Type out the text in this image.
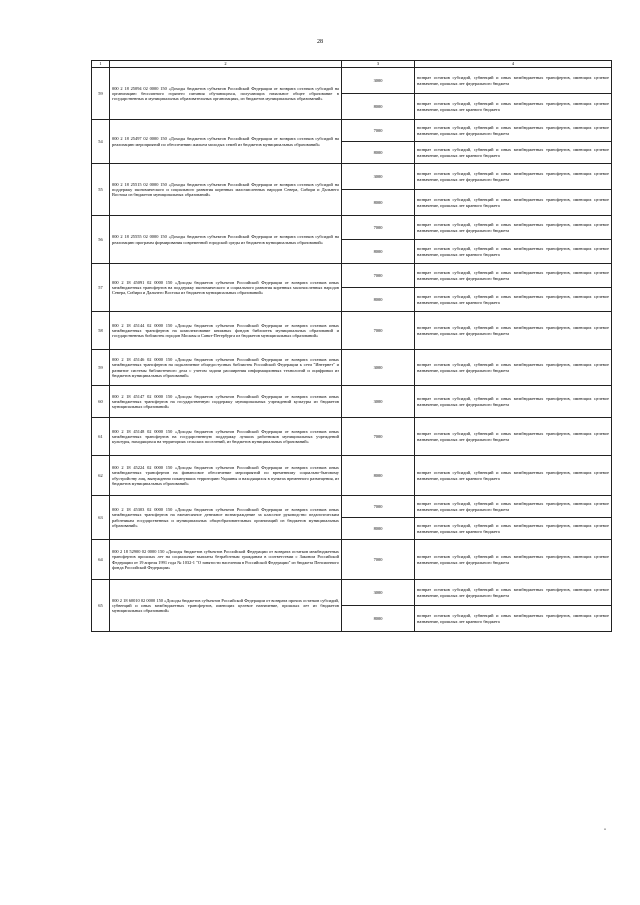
28
1	2	3	4
59	000 2 18 25094 02 0000 150 «Доходы бюджетов субъектов Российской Федерации от возврата остатков субсидий на организацию бесплатного горячего питания обучающихся, получающих начальное общее образование в государственных и муниципальных образовательных организациях, из бюджетов муниципальных образований»	3000	возврат остатков субсидий, субвенций и иных межбюджетных трансфертов, имеющих целевое назначение, прошлых лет федерального бюджета
		8000	возврат остатков субсидий, субвенций и иных межбюджетных трансфертов, имеющих целевое назначение, прошлых лет краевого бюджета
54	000 2 18 25497 02 0000 150 «Доходы бюджетов субъектов Российской Федерации от возврата остатков субсидий на реализацию мероприятий по обеспечению жильем молодых семей из бюджетов муниципальных образований»	7000	возврат остатков субсидий, субвенций и иных межбюджетных трансфертов, имеющих целевое назначение, прошлых лет федерального бюджета
		8000	возврат остатков субсидий, субвенций и иных межбюджетных трансфертов, имеющих целевое назначение, прошлых лет краевого бюджета
55	000 2 18 25515 02 0000 150 «Доходы бюджетов субъектов Российской Федерации от возврата остатков субсидий на поддержку экономического и социального развития коренных малочисленных народов Севера, Сибири и Дальнего Востока из бюджетов муниципальных образований»	3000	возврат остатков субсидий, субвенций и иных межбюджетных трансфертов, имеющих целевое назначение, прошлых лет федерального бюджета
		8000	возврат остатков субсидий, субвенций и иных межбюджетных трансфертов, имеющих целевое назначение, прошлых лет краевого бюджета
56	000 2 18 25555 02 0000 150 «Доходы бюджетов субъектов Российской Федерации от возврата остатков субсидий на реализацию программ формирования современной городской среды из бюджетов муниципальных образований»	7000	возврат остатков субсидий, субвенций и иных межбюджетных трансфертов, имеющих целевое назначение, прошлых лет федерального бюджета
		8000	возврат остатков субсидий, субвенций и иных межбюджетных трансфертов, имеющих целевое назначение, прошлых лет краевого бюджета
57	000 2 18 45091 02 0000 150 «Доходы бюджетов субъектов Российской Федерации от возврата остатков иных межбюджетных трансфертов на поддержку экономического и социального развития коренных малочисленных народов Севера, Сибири и Дальнего Востока из бюджетов муниципальных образований»	7000	возврат остатков субсидий, субвенций и иных межбюджетных трансфертов, имеющих целевое назначение, прошлых лет федерального бюджета
		8000	возврат остатков субсидий, субвенций и иных межбюджетных трансфертов, имеющих целевое назначение, прошлых лет краевого бюджета
58	000 2 18 45144 02 0000 150 «Доходы бюджетов субъектов Российской Федерации от возврата остатков иных межбюджетных трансфертов на комплектование книжных фондов библиотек муниципальных образований и государственных библиотек городов Москвы и Санкт-Петербурга из бюджетов муниципальных образований»	7000	возврат остатков субсидий, субвенций и иных межбюджетных трансфертов, имеющих целевое назначение, прошлых лет федерального бюджета
59	000 2 18 45146 02 0000 150 «Доходы бюджетов субъектов Российской Федерации от возврата остатков иных межбюджетных трансфертов на подключение общедоступных библиотек Российской Федерации к сети "Интернет" и развитие системы библиотечного дела с учетом задачи расширения информационных технологий и оцифровки из бюджетов муниципальных образований»	3000	возврат остатков субсидий, субвенций и иных межбюджетных трансфертов, имеющих целевое назначение, прошлых лет федерального бюджета
60	000 2 18 45147 02 0000 150 «Доходы бюджетов субъектов Российской Федерации от возврата остатков иных межбюджетных трансфертов на государственную поддержку муниципальных учреждений культуры из бюджетов муниципальных образований»	3000	возврат остатков субсидий, субвенций и иных межбюджетных трансфертов, имеющих целевое назначение, прошлых лет федерального бюджета
61	000 2 18 45148 02 0000 150 «Доходы бюджетов субъектов Российской Федерации от возврата остатков иных межбюджетных трансфертов на государственную поддержку лучших работников муниципальных учреждений культуры, находящихся на территориях сельских поселений, из бюджетов муниципальных образований»	7000	возврат остатков субсидий, субвенций и иных межбюджетных трансфертов, имеющих целевое назначение, прошлых лет федерального бюджета
62	000 2 18 45224 02 0000 150 «Доходы бюджетов субъектов Российской Федерации от возврата остатков иных межбюджетных трансфертов на финансовое обеспечение мероприятий по временному социально-бытовому обустройству лиц, вынужденно покинувших территорию Украины и находящихся в пунктах временного размещения, из бюджетов муниципальных образований»	8000	возврат остатков субсидий, субвенций и иных межбюджетных трансфертов, имеющих целевое назначение, прошлых лет краевого бюджета
63	000 2 18 45303 02 0000 150 «Доходы бюджетов субъектов Российской Федерации от возврата остатков иных межбюджетных трансфертов на ежемесячное денежное вознаграждение за классное руководство педагогическим работникам государственных и муниципальных общеобразовательных организаций из бюджетов муниципальных образований»	7000	возврат остатков субсидий, субвенций и иных межбюджетных трансфертов, имеющих целевое назначение, прошлых лет федерального бюджета
		8000	возврат остатков субсидий, субвенций и иных межбюджетных трансфертов, имеющих целевое назначение, прошлых лет краевого бюджета
64	000 2 18 52900 02 0000 150 «Доходы бюджетов субъектов Российской Федерации от возврата остатков межбюджетных трансфертов прошлых лет на социальные выплаты безработным гражданам в соответствии с Законом Российской Федерации от 19 апреля 1991 года № 1032-1 "О занятости населения в Российской Федерации" из бюджета Пенсионного фонда Российской Федерации»	7000	возврат остатков субсидий, субвенций и иных межбюджетных трансфертов, имеющих целевое назначение, прошлых лет федерального бюджета
65	000 2 18 60010 02 0000 150 «Доходы бюджетов субъектов Российской Федерации от возврата прочих остатков субсидий, субвенций и иных межбюджетных трансфертов, имеющих целевое назначение, прошлых лет из бюджетов муниципальных образований»	3000	возврат остатков субсидий, субвенций и иных межбюджетных трансфертов, имеющих целевое назначение, прошлых лет федерального бюджета
		8000	возврат остатков субсидий, субвенций и иных межбюджетных трансфертов, имеющих целевое назначение, прошлых лет краевого бюджета

»
